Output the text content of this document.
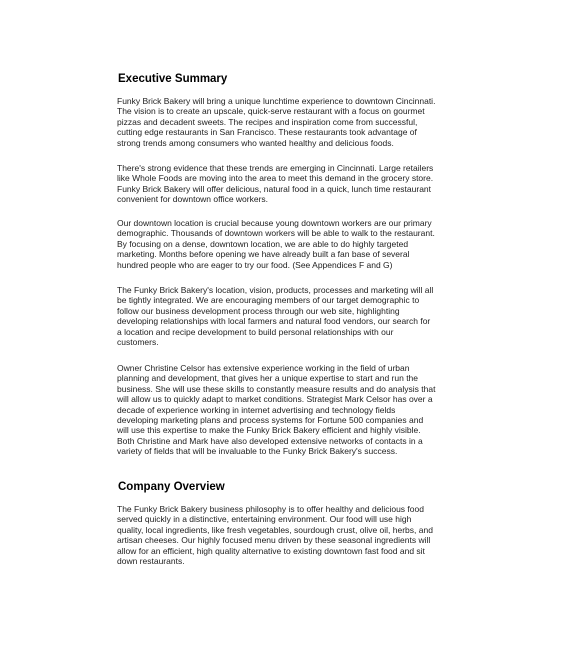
Executive Summary

Funky Brick Bakery will bring a unique lunchtime experience to downtown Cincinnati.
The vision is to create an upscale, quick-serve restaurant with a focus on gourmet
pizzas and decadent sweets. The recipes and inspiration come from successful,
cutting edge restaurants in San Francisco. These restaurants took advantage of
strong trends among consumers who wanted healthy and delicious foods.

There's strong evidence that these trends are emerging in Cincinnati. Large retailers
like Whole Foods are moving into the area to meet this demand in the grocery store.
Funky Brick Bakery will offer delicious, natural food in a quick, lunch time restaurant
convenient for downtown office workers.

Our downtown location is crucial because young downtown workers are our primary
demographic. Thousands of downtown workers will be able to walk to the restaurant.
By focusing on a dense, downtown location, we are able to do highly targeted
marketing. Months before opening we have already built a fan base of several
hundred people who are eager to try our food. (See Appendices F and G)

The Funky Brick Bakery's location, vision, products, processes and marketing will all
be tightly integrated. We are encouraging members of our target demographic to
follow our business development process through our web site, highlighting
developing relationships with local farmers and natural food vendors, our search for
a location and recipe development to build personal relationships with our
customers.

Owner Christine Celsor has extensive experience working in the field of urban
planning and development, that gives her a unique expertise to start and run the
business. She will use these skills to constantly measure results and do analysis that
will allow us to quickly adapt to market conditions. Strategist Mark Celsor has over a
decade of experience working in internet advertising and technology fields
developing marketing plans and process systems for Fortune 500 companies and
will use this expertise to make the Funky Brick Bakery efficient and highly visible.
Both Christine and Mark have also developed extensive networks of contacts in a
variety of fields that will be invaluable to the Funky Brick Bakery's success.

Company Overview

The Funky Brick Bakery business philosophy is to offer healthy and delicious food
served quickly in a distinctive, entertaining environment. Our food will use high
quality, local ingredients, like fresh vegetables, sourdough crust, olive oil, herbs, and
artisan cheeses. Our highly focused menu driven by these seasonal ingredients will
allow for an efficient, high quality alternative to existing downtown fast food and sit
down restaurants.
